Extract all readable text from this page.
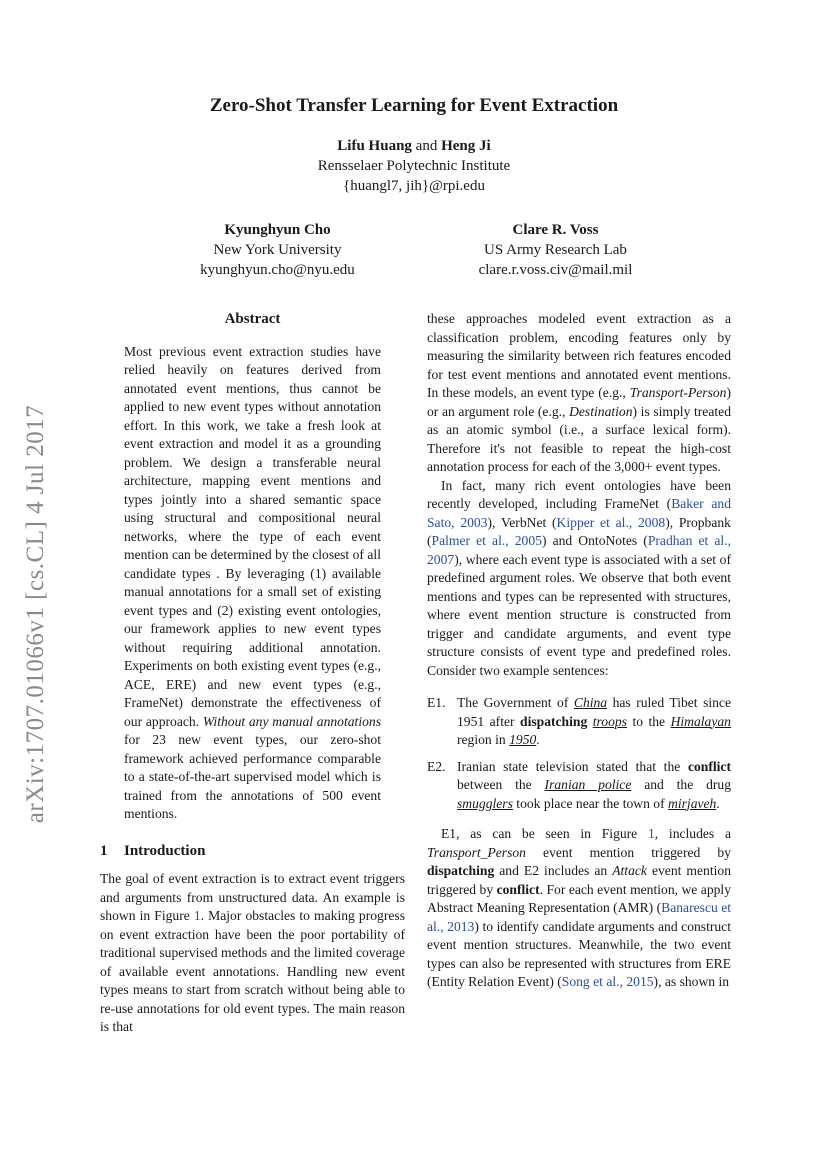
arXiv:1707.01066v1 [cs.CL] 4 Jul 2017
Zero-Shot Transfer Learning for Event Extraction
Lifu Huang and Heng Ji
Rensselaer Polytechnic Institute
{huangl7, jih}@rpi.edu
Kyunghyun Cho
New York University
kyunghyun.cho@nyu.edu
Clare R. Voss
US Army Research Lab
clare.r.voss.civ@mail.mil
Abstract

Most previous event extraction studies have relied heavily on features derived from annotated event mentions, thus cannot be applied to new event types without annotation effort. In this work, we take a fresh look at event extraction and model it as a grounding problem. We design a transferable neural architecture, mapping event mentions and types jointly into a shared semantic space using structural and compositional neural networks, where the type of each event mention can be determined by the closest of all candidate types . By leveraging (1) available manual annotations for a small set of existing event types and (2) existing event ontologies, our framework applies to new event types without requiring additional annotation. Experiments on both existing event types (e.g., ACE, ERE) and new event types (e.g., FrameNet) demonstrate the effectiveness of our approach. Without any manual annotations for 23 new event types, our zero-shot framework achieved performance comparable to a state-of-the-art supervised model which is trained from the annotations of 500 event mentions.

1 Introduction

The goal of event extraction is to extract event triggers and arguments from unstructured data. An example is shown in Figure 1. Major obstacles to making progress on event extraction have been the poor portability of traditional supervised methods and the limited coverage of available event annotations. Handling new event types means to start from scratch without being able to re-use annotations for old event types. The main reason is that

these approaches modeled event extraction as a classification problem, encoding features only by measuring the similarity between rich features encoded for test event mentions and annotated event mentions. In these models, an event type (e.g., Transport-Person) or an argument role (e.g., Destination) is simply treated as an atomic symbol (i.e., a surface lexical form). Therefore it's not feasible to repeat the high-cost annotation process for each of the 3,000+ event types.

In fact, many rich event ontologies have been recently developed, including FrameNet (Baker and Sato, 2003), VerbNet (Kipper et al., 2008), Propbank (Palmer et al., 2005) and OntoNotes (Pradhan et al., 2007), where each event type is associated with a set of predefined argument roles. We observe that both event mentions and types can be represented with structures, where event mention structure is constructed from trigger and candidate arguments, and event type structure consists of event type and predefined roles. Consider two example sentences:

E1. The Government of China has ruled Tibet since 1951 after dispatching troops to the Himalayan region in 1950.
E2. Iranian state television stated that the conflict between the Iranian police and the drug smugglers took place near the town of mirjaveh.

E1, as can be seen in Figure 1, includes a Transport_Person event mention triggered by dispatching and E2 includes an Attack event mention triggered by conflict. For each event mention, we apply Abstract Meaning Representation (AMR) (Banarescu et al., 2013) to identify candidate arguments and construct event mention structures. Meanwhile, the two event types can also be represented with structures from ERE (Entity Relation Event) (Song et al., 2015), as shown in
